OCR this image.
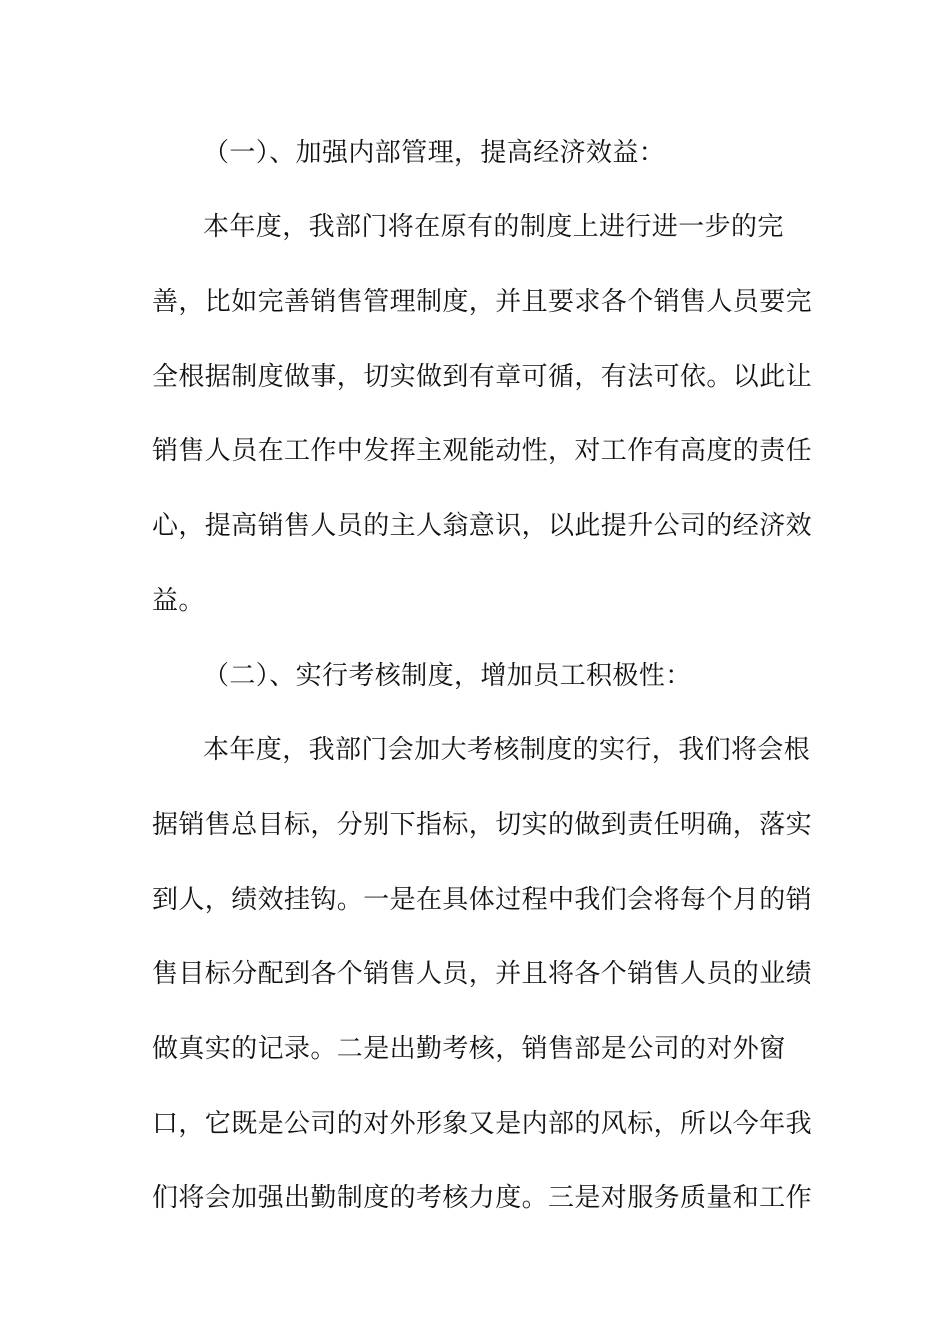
（一）、加强内部管理，提高经济效益：
本年度，我部门将在原有的制度上进行进一步的完
善，比如完善销售管理制度，并且要求各个销售人员要完
全根据制度做事，切实做到有章可循，有法可依。以此让
销售人员在工作中发挥主观能动性，对工作有高度的责任
心，提高销售人员的主人翁意识，以此提升公司的经济效
益。
（二）、实行考核制度，增加员工积极性：
本年度，我部门会加大考核制度的实行，我们将会根
据销售总目标，分别下指标，切实的做到责任明确，落实
到人，绩效挂钩。一是在具体过程中我们会将每个月的销
售目标分配到各个销售人员，并且将各个销售人员的业绩
做真实的记录。二是出勤考核，销售部是公司的对外窗
口，它既是公司的对外形象又是内部的风标，所以今年我
们将会加强出勤制度的考核力度。三是对服务质量和工作
